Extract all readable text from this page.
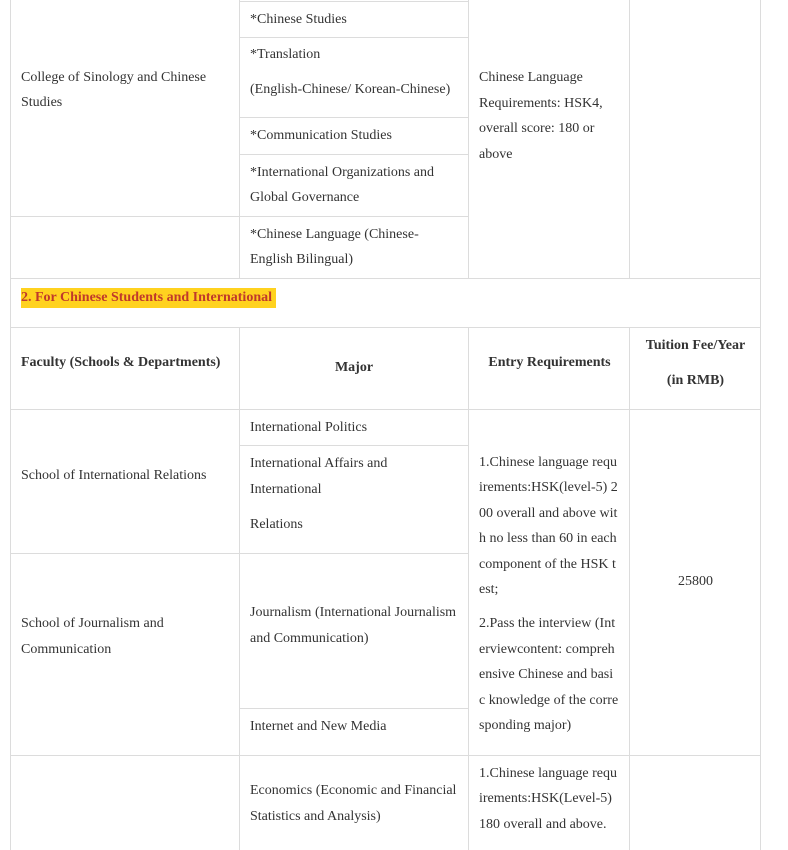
College of Sinology and Chinese Studies
*Chinese Studies
*Translation
(English-Chinese/ Korean-Chinese)
*Communication Studies
*International Organizations and Global Governance
*Chinese Language (Chinese-English Bilingual)
Chinese Language Requirements: HSK4, overall score: 180 or above
2. For Chinese Students and International
Faculty (Schools & Departments)	Major	Entry Requirements
Tuition Fee/Year
(in RMB)
School of International Relations
International Politics
International Affairs and International
Relations
School of Journalism and Communication
Journalism (International Journalism and Communication)
Internet and New Media
1.Chinese language requ
irements:HSK(level-5) 2
00 overall and above wit
h no less than 60 in each
component of the HSK t
est;
2.Pass the interview (Int
erviewcontent: compreh
ensive Chinese and basi
c knowledge of the corre
sponding major)
25800
Economics (Economic and Financial Statistics and Analysis)
1.Chinese language requ
irements:HSK(Level-5)
180 overall and above.
